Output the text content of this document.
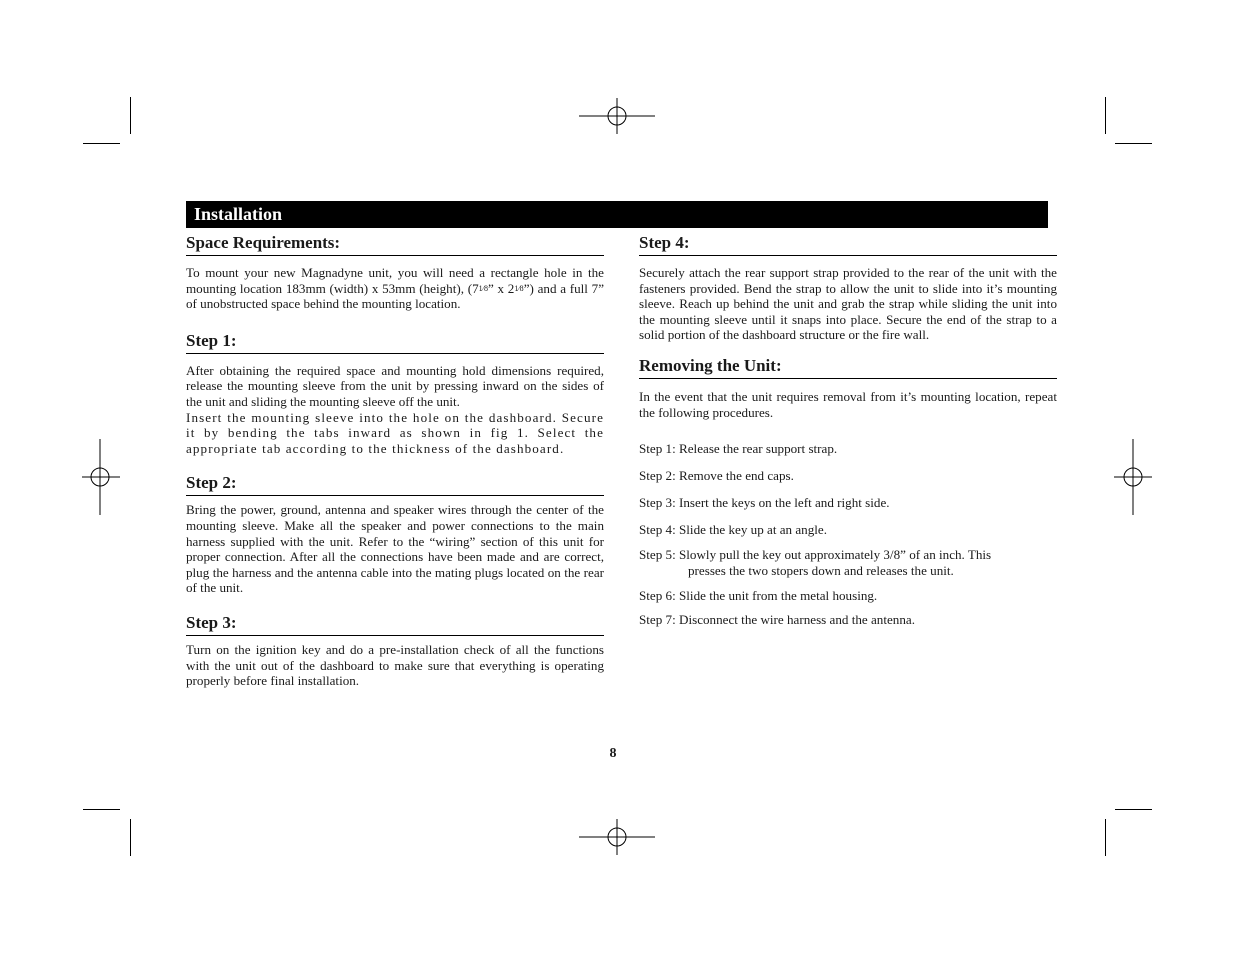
Installation
Space Requirements:

To mount your new Magnadyne unit, you will need a rectangle hole in the mounting location 183mm (width) x 53mm (height), (71⁄8” x 21⁄8”) and a full 7” of unobstructed space behind the mounting location.

Step 1:

After obtaining the required space and mounting hold dimensions required, release the mounting sleeve from the unit by pressing inward on the sides of the unit and sliding the mounting sleeve off the unit.

Insert the mounting sleeve into the hole on the dashboard. Secure it by bending the tabs inward as shown in fig 1. Select the appropriate tab according to the thickness of the dashboard.

Step 2:

Bring the power, ground, antenna and speaker wires through the center of the mounting sleeve. Make all the speaker and power connections to the main harness supplied with the unit. Refer to the “wiring” section of this unit for proper connection. After all the connections have been made and are correct, plug the harness and the antenna cable into the mating plugs located on the rear of the unit.

Step 3:

Turn on the ignition key and do a pre-installation check of all the functions with the unit out of the dashboard to make sure that everything is operating properly before final installation.

Step 4:

Securely attach the rear support strap provided to the rear of the unit with the fasteners provided. Bend the strap to allow the unit to slide into it’s mounting sleeve. Reach up behind the unit and grab the strap while sliding the unit into the mounting sleeve until it snaps into place. Secure the end of the strap to a solid portion of the dashboard structure or the fire wall.

Removing the Unit:

In the event that the unit requires removal from it’s mounting location, repeat the following procedures.

Step 1: Release the rear support strap.
Step 2: Remove the end caps.
Step 3: Insert the keys on the left and right side.
Step 4: Slide the key up at an angle.
Step 5: Slowly pull the key out approximately 3/8” of an inch. This
presses the two stopers down and releases the unit.
Step 6: Slide the unit from the metal housing.
Step 7: Disconnect the wire harness and the antenna.
8
